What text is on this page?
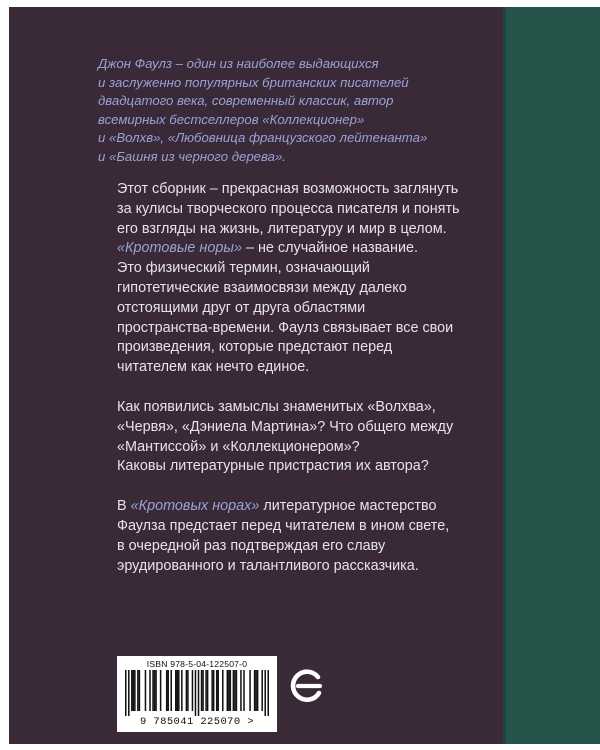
Джон Фаулз – один из наиболее выдающихся

и заслуженно популярных британских писателей

двадцатого века, современный классик, автор

всемирных бестселлеров «Коллекционер»

и «Волхв», «Любовница французского лейтенанта»

и «Башня из черного дерева».

Этот сборник – прекрасная возможность заглянуть

за кулисы творческого процесса писателя и понять

его взгляды на жизнь, литературу и мир в целом.

«Кротовые норы» – не случайное название.

Это физический термин, означающий

гипотетические взаимосвязи между далеко

отстоящими друг от друга областями

пространства-времени. Фаулз связывает все свои

произведения, которые предстают перед

читателем как нечто единое.

Как появились замыслы знаменитых «Волхва»,

«Червя», «Дэниела Мартина»? Что общего между

«Мантиссой» и «Коллекционером»?

Каковы литературные пристрастия их автора?

В «Кротовых норах» литературное мастерство

Фаулза предстает перед читателем в ином свете,

в очередной раз подтверждая его славу

эрудированного и талантливого рассказчика.

ISBN 978-5-04-122507-0
9 785041 225070 >
